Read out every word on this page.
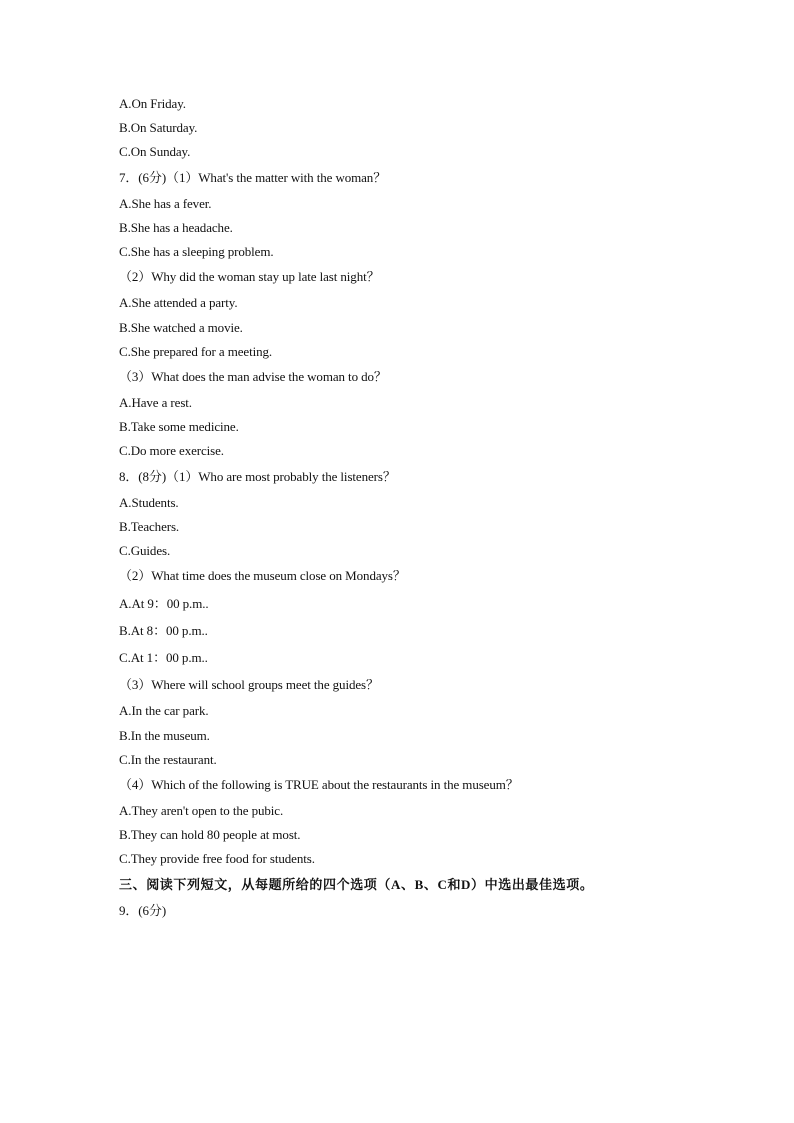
A.On Friday.
B.On Saturday.
C.On Sunday.
7．(6分)（1）What's the matter with the woman？
A.She has a fever.
B.She has a headache.
C.She has a sleeping problem.
（2）Why did the woman stay up late last night？
A.She attended a party.
B.She watched a movie.
C.She prepared for a meeting.
（3）What does the man advise the woman to do？
A.Have a rest.
B.Take some medicine.
C.Do more exercise.
8．(8分)（1）Who are most probably the listeners？
A.Students.
B.Teachers.
C.Guides.
（2）What time does the museum close on Mondays？
A.At 9：00 p.m..
B.At 8：00 p.m..
C.At 1：00 p.m..
（3）Where will school groups meet the guides？
A.In the car park.
B.In the museum.
C.In the restaurant.
（4）Which of the following is TRUE about the restaurants in the museum？
A.They aren't open to the pubic.
B.They can hold 80 people at most.
C.They provide free food for students.
三、阅读下列短文，从每题所给的四个选项（A、B、C和D）中选出最佳选项。
9．(6分)
